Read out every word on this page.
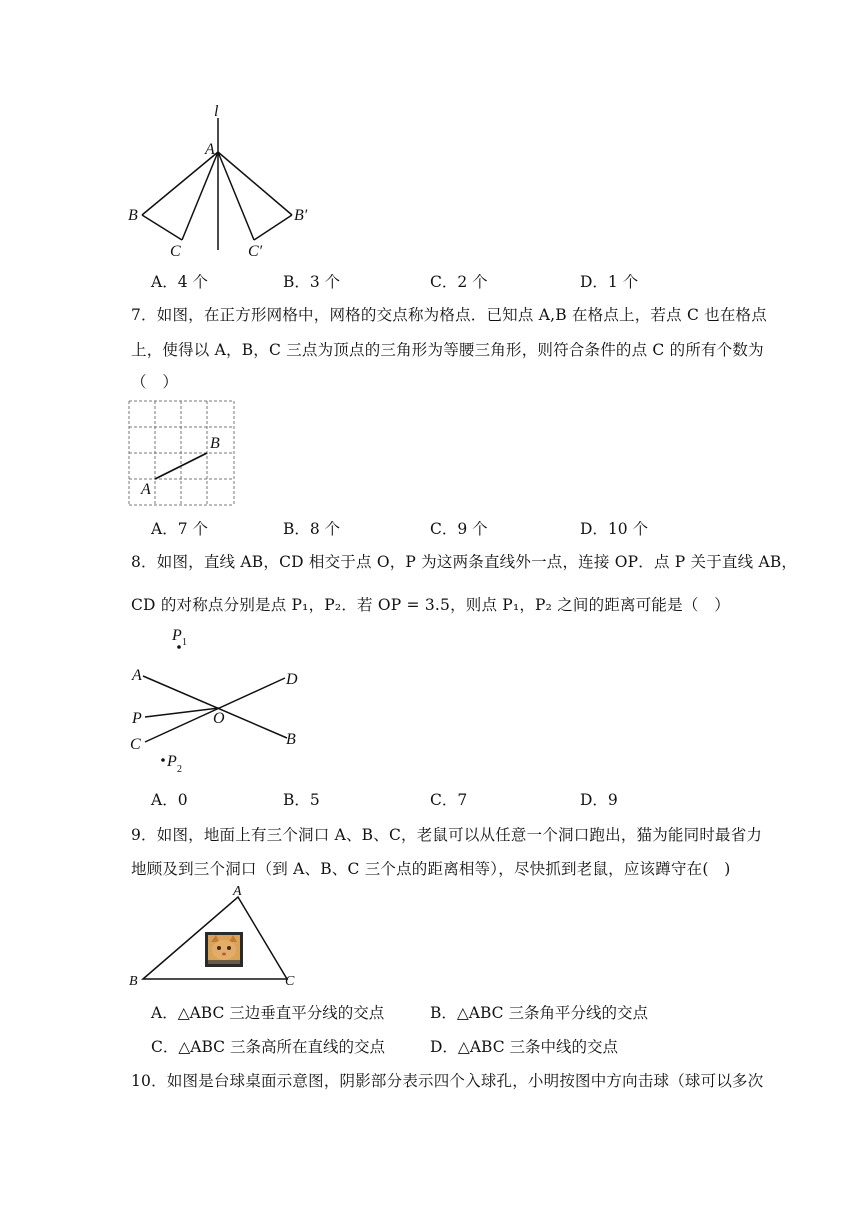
l
A
B
C
B′
C′
A．4 个	B．3 个	C．2 个	D．1 个
7．如图，在正方形网格中，网格的交点称为格点．已知点 A,B 在格点上，若点 C 也在格点
上，使得以 A，B，C 三点为顶点的三角形为等腰三角形，则符合条件的点 C 的所有个数为
（　）
A
B
A．7 个	B．8 个	C．9 个	D．10 个
8．如图，直线 AB，CD 相交于点 O，P 为这两条直线外一点，连接 OP．点 P 关于直线 AB，
CD 的对称点分别是点 P₁，P₂．若 OP = 3.5，则点 P₁，P₂ 之间的距离可能是（　）
P 1
A	D
P	O
C	B
P 2
A．0	B．5	C．7	D．9
9．如图，地面上有三个洞口 A、B、C，老鼠可以从任意一个洞口跑出，猫为能同时最省力
地顾及到三个洞口（到 A、B、C 三个点的距离相等），尽快抓到老鼠，应该蹲守在(　)
A
B	C
A．△ABC 三边垂直平分线的交点	B．△ABC 三条角平分线的交点
C．△ABC 三条高所在直线的交点	D．△ABC 三条中线的交点
10．如图是台球桌面示意图，阴影部分表示四个入球孔，小明按图中方向击球（球可以多次
